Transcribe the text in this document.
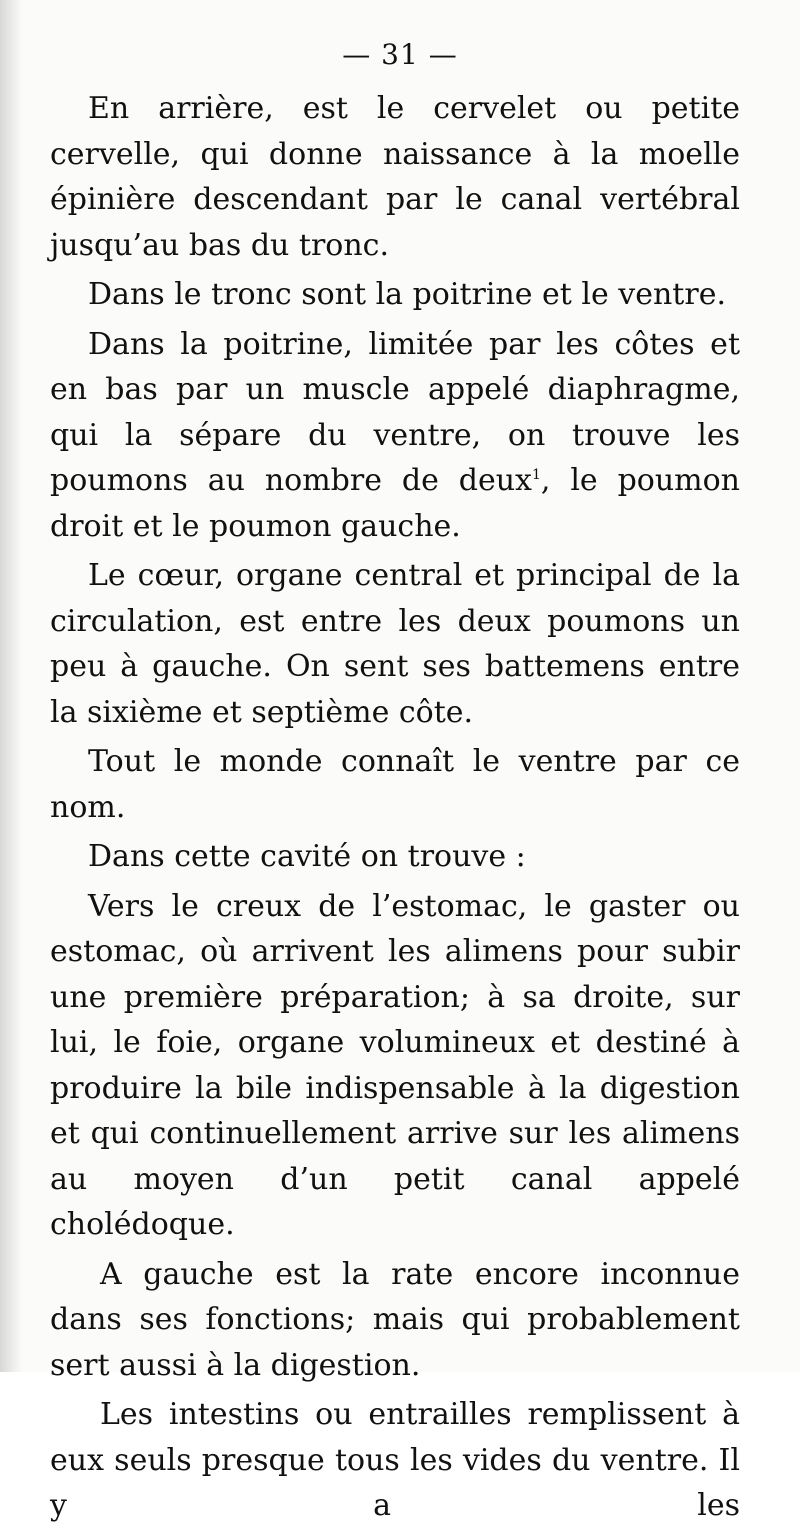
— 31 —

En arrière, est le cervelet ou petite cervelle, qui donne naissance à la moelle épinière descendant par le canal vertébral jusqu’au bas du tronc.

Dans le tronc sont la poitrine et le ventre.

Dans la poitrine, limitée par les côtes et en bas par un muscle appelé diaphragme, qui la sépare du ventre, on trouve les poumons au nombre de deux$^1$, le poumon droit et le poumon gauche.

Le cœur, organe central et principal de la circulation, est entre les deux poumons un peu à gauche. On sent ses battemens entre la sixième et septième côte.

Tout le monde connaît le ventre par ce nom.

Dans cette cavité on trouve :

Vers le creux de l’estomac, le gaster ou estomac, où arrivent les alimens pour subir une première préparation; à sa droite, sur lui, le foie, organe volumineux et destiné à produire la bile indispensable à la digestion et qui continuellement arrive sur les alimens au moyen d’un petit canal appelé cholédoque.

A gauche est la rate encore inconnue dans ses fonctions; mais qui probablement sert aussi à la digestion.

Les intestins ou entrailles remplissent à eux seuls presque tous les vides du ventre. Il y a les
